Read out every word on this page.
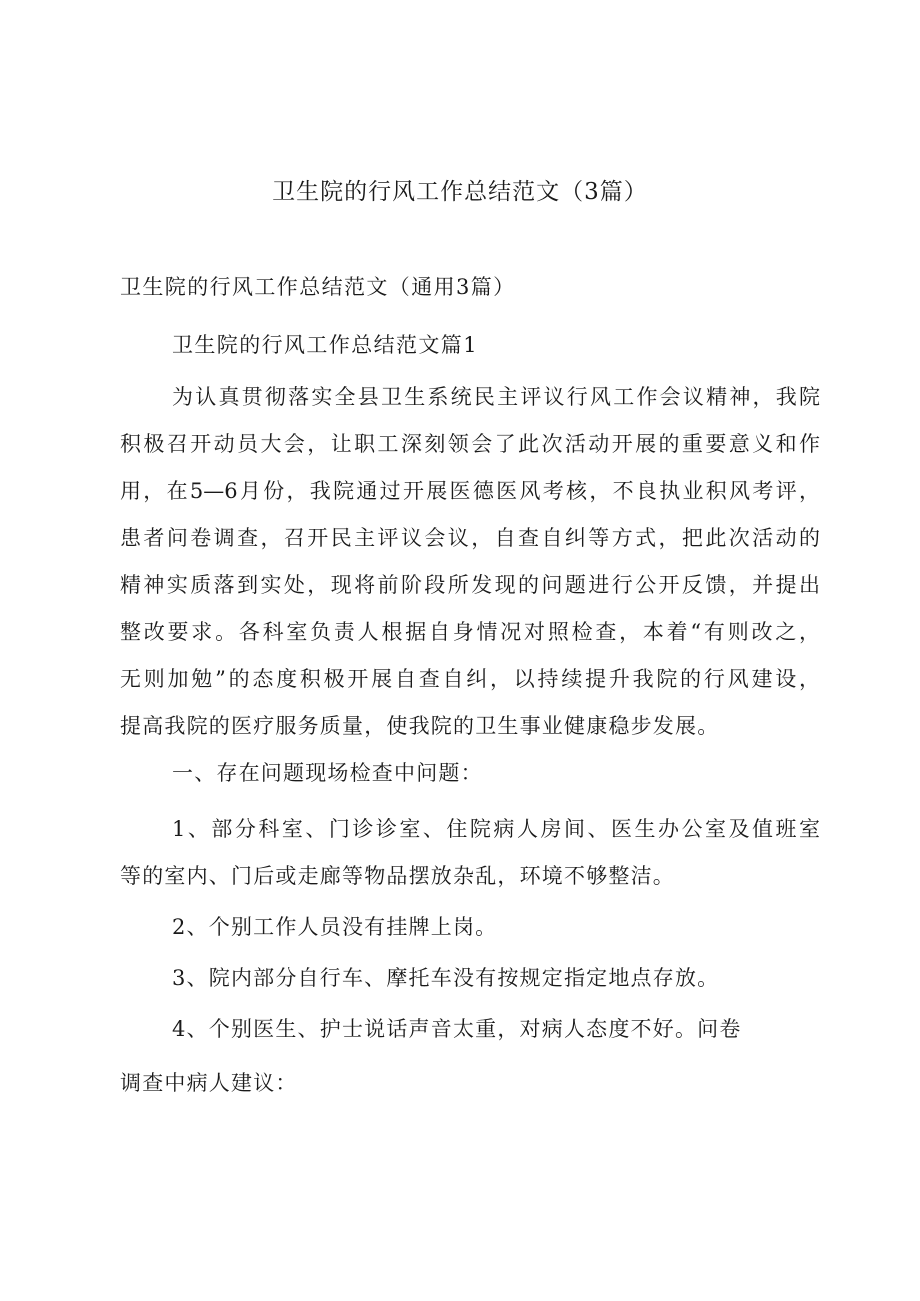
卫生院的行风工作总结范文（3篇）
卫生院的行风工作总结范文（通用3篇）
卫生院的行风工作总结范文篇1
为认真贯彻落实全县卫生系统民主评议行风工作会议精神，我院
积极召开动员大会，让职工深刻领会了此次活动开展的重要意义和作
用，在5—6月份，我院通过开展医德医风考核，不良执业积风考评，
患者问卷调查，召开民主评议会议，自查自纠等方式，把此次活动的
精神实质落到实处，现将前阶段所发现的问题进行公开反馈，并提出
整改要求。各科室负责人根据自身情况对照检查，本着“有则改之，
无则加勉”的态度积极开展自查自纠，以持续提升我院的行风建设，
提高我院的医疗服务质量，使我院的卫生事业健康稳步发展。
一、存在问题现场检查中问题：
1、部分科室、门诊诊室、住院病人房间、医生办公室及值班室
等的室内、门后或走廊等物品摆放杂乱，环境不够整洁。
2、个别工作人员没有挂牌上岗。
3、院内部分自行车、摩托车没有按规定指定地点存放。
4、个别医生、护士说话声音太重，对病人态度不好。问卷
调查中病人建议：
